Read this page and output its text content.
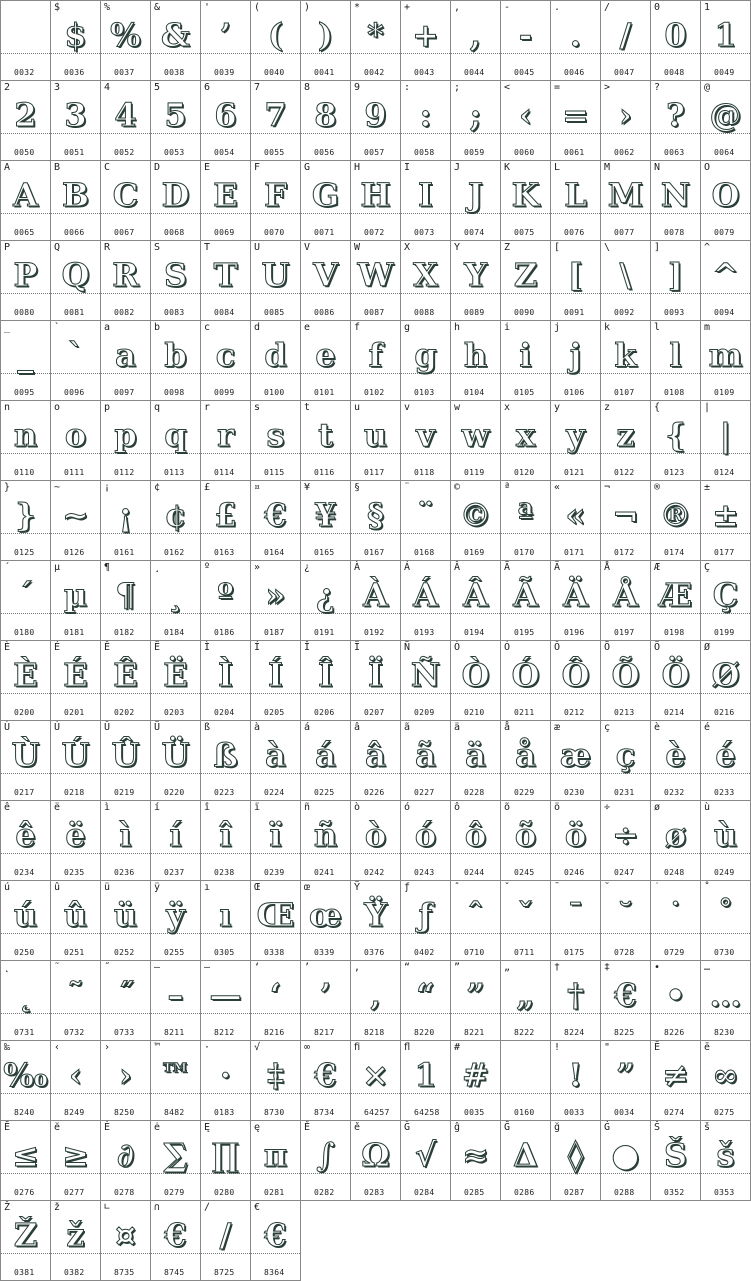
0032
$
$
0036
%
%
0037
&
&
0038
'
’
0039
(
(
0040
)
)
0041
*
*
0042
+
+
0043
,
,
0044
-
-
0045
.
.
0046
/
/
0047
0
0
0048
1
1
0049
2
2
0050
3
3
0051
4
4
0052
5
5
0053
6
6
0054
7
7
0055
8
8
0056
9
9
0057
:
:
0058
;
;
0059
<
‹
0060
=
=
0061
>
›
0062
?
?
0063
@
@
0064
A
A
0065
B
B
0066
C
C
0067
D
D
0068
E
E
0069
F
F
0070
G
G
0071
H
H
0072
I
I
0073
J
J
0074
K
K
0075
L
L
0076
M
M
0077
N
N
0078
O
O
0079
P
P
0080
Q
Q
0081
R
R
0082
S
S
0083
T
T
0084
U
U
0085
V
V
0086
W
W
0087
X
X
0088
Y
Y
0089
Z
Z
0090
[
[
0091
\
\
0092
]
]
0093
^
^
0094
_
_
0095
`
`
0096
a
a
0097
b
b
0098
c
c
0099
d
d
0100
e
e
0101
f
f
0102
g
g
0103
h
h
0104
i
i
0105
j
j
0106
k
k
0107
l
l
0108
m
m
0109
n
n
0110
o
o
0111
p
p
0112
q
q
0113
r
r
0114
s
s
0115
t
t
0116
u
u
0117
v
v
0118
w
w
0119
x
x
0120
y
y
0121
z
z
0122
{
{
0123
|
|
0124
}
}
0125
~
~
0126
¡
¡
0161
¢
¢
0162
£
£
0163
¤
€
0164
¥
¥
0165
§
§
0167
¨
¨
0168
©
©
0169
ª
ª
0170
«
«
0171
¬
¬
0172
®
®
0174
±
±
0177
´
´
0180
µ
µ
0181
¶
¶
0182
¸
¸
0184
º
º
0186
»
»
0187
¿
¿
0191
À
À
0192
Á
Á
0193
Â
Â
0194
Ã
Ã
0195
Ä
Ä
0196
Å
Å
0197
Æ
Æ
0198
Ç
Ç
0199
È
È
0200
É
É
0201
Ê
Ê
0202
Ë
Ë
0203
Ì
Ì
0204
Í
Í
0205
Î
Î
0206
Ï
Ï
0207
Ñ
Ñ
0209
Ò
Ò
0210
Ó
Ó
0211
Ô
Ô
0212
Õ
Õ
0213
Ö
Ö
0214
Ø
Ø
0216
Ù
Ù
0217
Ú
Ú
0218
Û
Û
0219
Ü
Ü
0220
ß
ß
0223
à
à
0224
á
á
0225
â
â
0226
ã
ã
0227
ä
ä
0228
å
å
0229
æ
æ
0230
ç
ç
0231
è
è
0232
é
é
0233
ê
ê
0234
ë
ë
0235
ì
ì
0236
í
í
0237
î
î
0238
ï
ï
0239
ñ
ñ
0241
ò
ò
0242
ó
ó
0243
ô
ô
0244
õ
õ
0245
ö
ö
0246
÷
÷
0247
ø
ø
0248
ù
ù
0249
ú
ú
0250
û
û
0251
ü
ü
0252
ÿ
ÿ
0255
ı
ı
0305
Œ
Œ
0338
œ
œ
0339
Ÿ
Ÿ
0376
ƒ
ƒ
0402
ˆ
ˆ
0710
ˇ
ˇ
0711
¯
¯
0175
˘
˘
0728
˙
˙
0729
˚
˚
0730
˛
˛
0731
˜
˜
0732
˝
˝
0733
–
–
8211
—
—
8212
‘
‘
8216
’
’
8217
‚
‚
8218
“
“
8220
”
”
8221
„
„
8222
†
†
8224
‡
€
8225
•
•
8226
…
…
8230
‰
‰
8240
‹
‹
8249
›
›
8250
™
™
8482
·
·
0183
√
‡
8730
∞
€
8734
ﬁ
×
64257
ﬂ
1
64258
#
#
0035	0160
!
!
0033
"
”
0034
Ē
≠
0274
ē
∞
0275
Ĕ
≤
0276
ĕ
≥
0277
Ė
∂
0278
ė
∑
0279
Ę
∏
0280
ę
π
0281
Ě
∫
0282
ě
Ω
0283
Ĝ
√
0284
ĝ
≈
0285
Ğ
Δ
0286
ğ
◊
0287
Ġ
●
0288
Š
Š
0352
š
š
0353
Ž
Ž
0381
ž
ž
0382
∟
¤
8735
∩
€
8745
∕
/
8725
€
€
8364
